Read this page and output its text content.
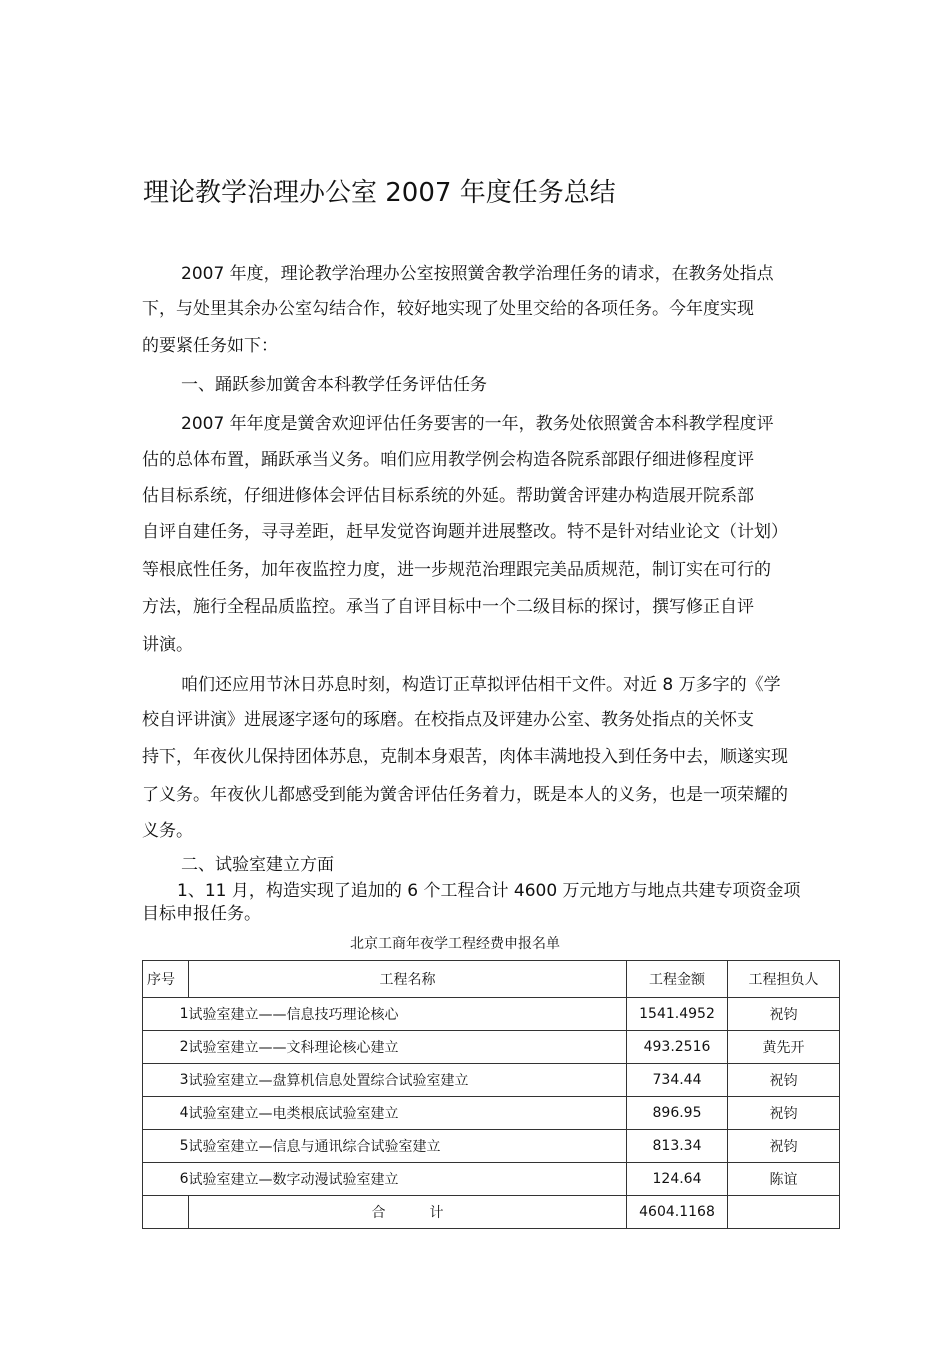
理论教学治理办公室 2007 年度任务总结

2007 年度，理论教学治理办公室按照黉舍教学治理任务的请求，在教务处指点

下，与处里其余办公室勾结合作，较好地实现了处里交给的各项任务。今年度实现

的要紧任务如下：

一、踊跃参加黉舍本科教学任务评估任务

2007 年年度是黉舍欢迎评估任务要害的一年，教务处依照黉舍本科教学程度评

估的总体布置，踊跃承当义务。咱们应用教学例会构造各院系部跟仔细进修程度评

估目标系统，仔细进修体会评估目标系统的外延。帮助黉舍评建办构造展开院系部

自评自建任务，寻寻差距，赶早发觉咨询题并进展整改。特不是针对结业论文（计划）

等根底性任务，加年夜监控力度，进一步规范治理跟完美品质规范，制订实在可行的

方法，施行全程品质监控。承当了自评目标中一个二级目标的探讨，撰写修正自评

讲演。

咱们还应用节沐日苏息时刻，构造订正草拟评估相干文件。对近 8 万多字的《学

校自评讲演》进展逐字逐句的琢磨。在校指点及评建办公室、教务处指点的关怀支

持下，年夜伙儿保持团体苏息，克制本身艰苦，肉体丰满地投入到任务中去，顺遂实现

了义务。年夜伙儿都感受到能为黉舍评估任务着力，既是本人的义务，也是一项荣耀的

义务。

二、试验室建立方面

1、11 月，构造实现了追加的 6 个工程合计 4600 万元地方与地点共建专项资金项

目标申报任务。

北京工商年夜学工程经费申报名单
序号	工程名称	工程金额	工程担负人
1	试验室建立——信息技巧理论核心	1541.4952	祝钧
2	试验室建立——文科理论核心建立	493.2516	黄先开
3	试验室建立—盘算机信息处置综合试验室建立	734.44	祝钧
4	试验室建立—电类根底试验室建立	896.95	祝钧
5	试验室建立—信息与通讯综合试验室建立	813.34	祝钧
6	试验室建立—数字动漫试验室建立	124.64	陈谊
	合 计	4604.1168	
